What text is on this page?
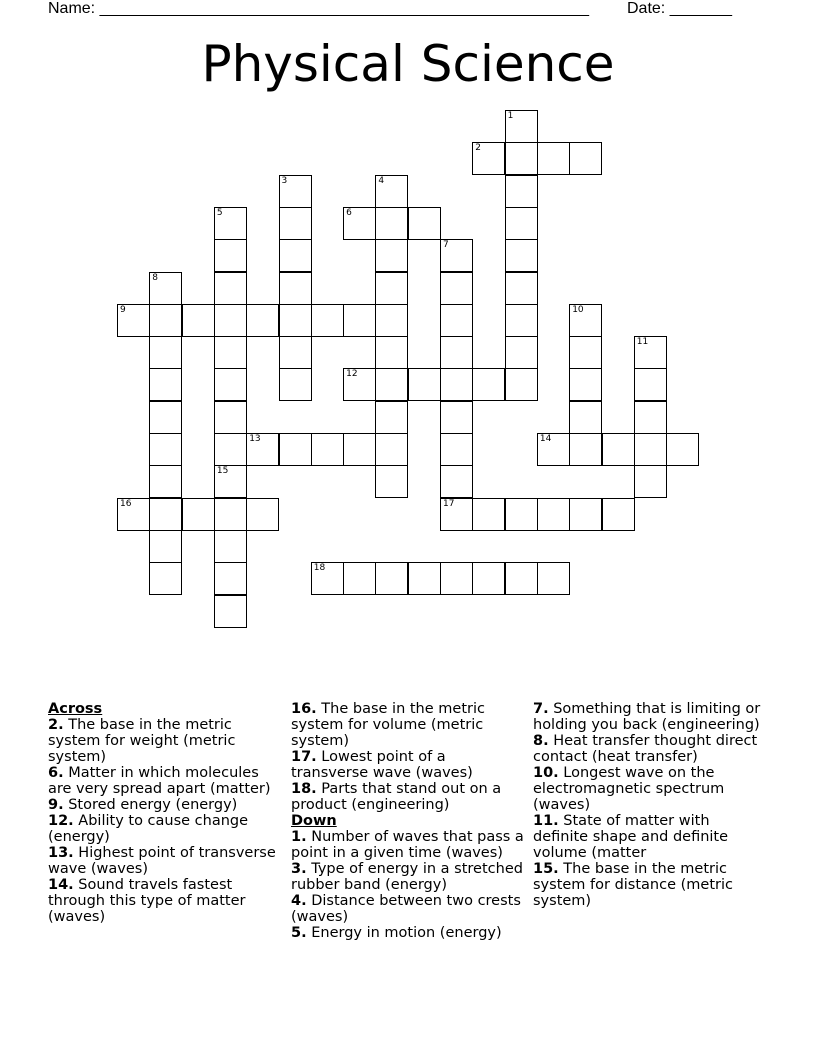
Name: _______________________________________________________ Date: _______
Physical Science
1
2
3	4
5	6
7
8
9	10
11
12
13	14
15
16	17
18
Across

2. The base in the metric system for weight (metric system)

6. Matter in which molecules are very spread apart (matter)

9. Stored energy (energy)

12. Ability to cause change (energy)

13. Highest point of transverse wave (waves)

14. Sound travels fastest through this type of matter (waves)

16. The base in the metric system for volume (metric system)

17. Lowest point of a transverse wave (waves)

18. Parts that stand out on a product (engineering)

Down

1. Number of waves that pass a point in a given time (waves)

3. Type of energy in a stretched rubber band (energy)

4. Distance between two crests (waves)

5. Energy in motion (energy)

7. Something that is limiting or holding you back (engineering)

8. Heat transfer thought direct contact (heat transfer)

10. Longest wave on the electromagnetic spectrum (waves)

11. State of matter with definite shape and definite volume (matter

15. The base in the metric system for distance (metric system)
